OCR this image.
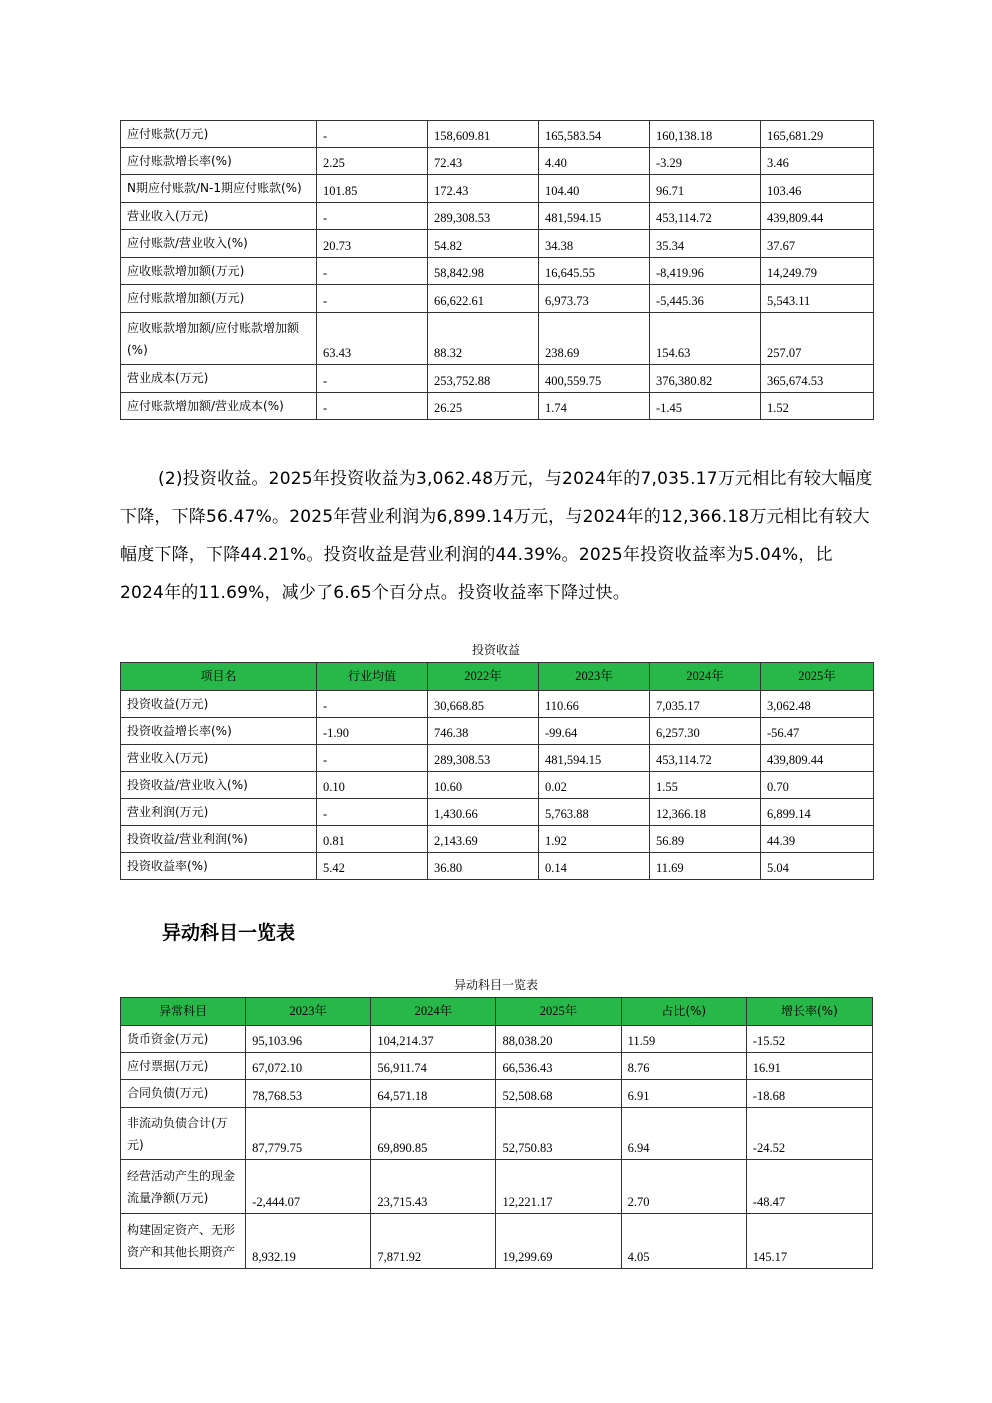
应付账款(万元)	-	158,609.81	165,583.54	160,138.18	165,681.29
应付账款增长率(%)	2.25	72.43	4.40	-3.29	3.46
N期应付账款/N-1期应付账款(%)	101.85	172.43	104.40	96.71	103.46
营业收入(万元)	-	289,308.53	481,594.15	453,114.72	439,809.44
应付账款/营业收入(%)	20.73	54.82	34.38	35.34	37.67
应收账款增加额(万元)	-	58,842.98	16,645.55	-8,419.96	14,249.79
应付账款增加额(万元)	-	66,622.61	6,973.73	-5,445.36	5,543.11
应收账款增加额/应付账款增加额(%)	63.43	88.32	238.69	154.63	257.07
营业成本(万元)	-	253,752.88	400,559.75	376,380.82	365,674.53
应付账款增加额/营业成本(%)	-	26.25	1.74	-1.45	1.52
(2)投资收益。2025年投资收益为3,062.48万元，与2024年的7,035.17万元相比有较大幅度下降，下降56.47%。2025年营业利润为6,899.14万元，与2024年的12,366.18万元相比有较大幅度下降，下降44.21%。投资收益是营业利润的44.39%。2025年投资收益率为5.04%，比2024年的11.69%，减少了6.65个百分点。投资收益率下降过快。
投资收益
项目名	行业均值	2022年	2023年	2024年	2025年
投资收益(万元)	-	30,668.85	110.66	7,035.17	3,062.48
投资收益增长率(%)	-1.90	746.38	-99.64	6,257.30	-56.47
营业收入(万元)	-	289,308.53	481,594.15	453,114.72	439,809.44
投资收益/营业收入(%)	0.10	10.60	0.02	1.55	0.70
营业利润(万元)	-	1,430.66	5,763.88	12,366.18	6,899.14
投资收益/营业利润(%)	0.81	2,143.69	1.92	56.89	44.39
投资收益率(%)	5.42	36.80	0.14	11.69	5.04
异动科目一览表
异动科目一览表
异常科目	2023年	2024年	2025年	占比(%)	增长率(%)
货币资金(万元)	95,103.96	104,214.37	88,038.20	11.59	-15.52
应付票据(万元)	67,072.10	56,911.74	66,536.43	8.76	16.91
合同负债(万元)	78,768.53	64,571.18	52,508.68	6.91	-18.68
非流动负债合计(万元)	87,779.75	69,890.85	52,750.83	6.94	-24.52
经营活动产生的现金流量净额(万元)	-2,444.07	23,715.43	12,221.17	2.70	-48.47
构建固定资产、无形资产和其他长期资产	8,932.19	7,871.92	19,299.69	4.05	145.17
